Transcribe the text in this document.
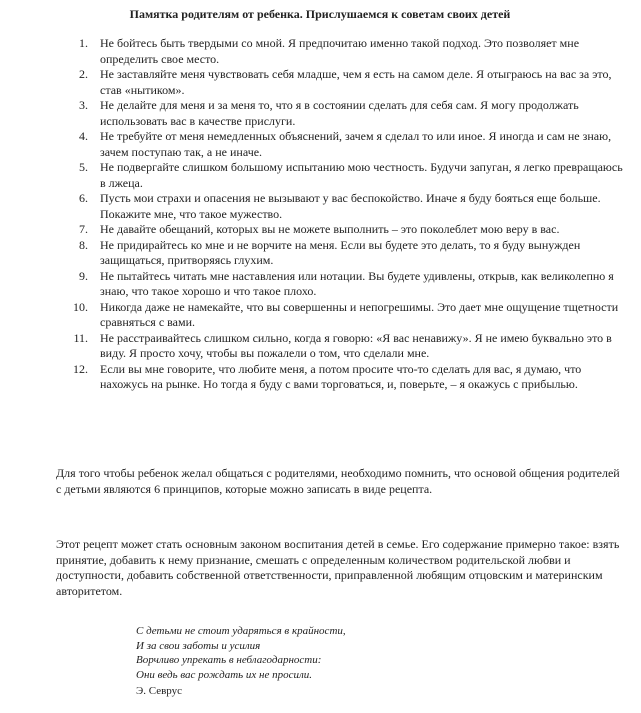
Памятка родителям от ребенка. Прислушаемся к советам своих детей
1.	Не бойтесь быть твердыми со мной. Я предпочитаю именно такой подход. Это позволяет мне определить свое место.
2.	Не заставляйте меня чувствовать себя младше, чем я есть на самом деле. Я отыграюсь на вас за это, став «нытиком».
3.	Не делайте для меня и за меня то, что я в состоянии сделать для себя сам. Я могу продолжать использовать вас в качестве прислуги.
4.	Не требуйте от меня немедленных объяснений, зачем я сделал то или иное. Я иногда и сам не знаю, зачем поступаю так, а не иначе.
5.	Не подвергайте слишком большому испытанию мою честность. Будучи запуган, я легко превращаюсь в лжеца.
6.	Пусть мои страхи и опасения не вызывают у вас беспокойство. Иначе я буду бояться еще больше. Покажите мне, что такое мужество.
7.	Не давайте обещаний, которых вы не можете выполнить – это поколеблет мою веру в вас.
8.	Не придирайтесь ко мне и не ворчите на меня. Если вы будете это делать, то я буду вынужден защищаться, притворяясь глухим.
9.	Не пытайтесь читать мне наставления или нотации. Вы будете удивлены, открыв, как великолепно я знаю, что такое хорошо и что такое плохо.
10.	Никогда даже не намекайте, что вы совершенны и непогрешимы. Это дает мне ощущение тщетности сравняться с вами.
11.	Не расстраивайтесь слишком сильно, когда я говорю: «Я вас ненавижу». Я не имею буквально это в виду. Я просто хочу, чтобы вы пожалели о том, что сделали мне.
12.	Если вы мне говорите, что любите меня, а потом просите что-то сделать для вас, я думаю, что нахожусь на рынке. Но тогда я буду с вами торговаться, и, поверьте, – я окажусь с прибылью.

Для того чтобы ребенок желал общаться с родителями, необходимо помнить, что основой общения родителей с детьми являются 6 принципов, которые можно записать в виде рецепта.

Этот рецепт может стать основным законом воспитания детей в семье. Его содержание примерно такое: взять принятие, добавить к нему признание, смешать с определенным количеством родительской любви и доступности, добавить собственной ответственности, приправленной любящим отцовским и материнским авторитетом.

С детьми не стоит ударяться в крайности,
И за свои заботы и усилия
Ворчливо упрекать в неблагодарности:
Они ведь вас рождать их не просили.
Э. Севрус
